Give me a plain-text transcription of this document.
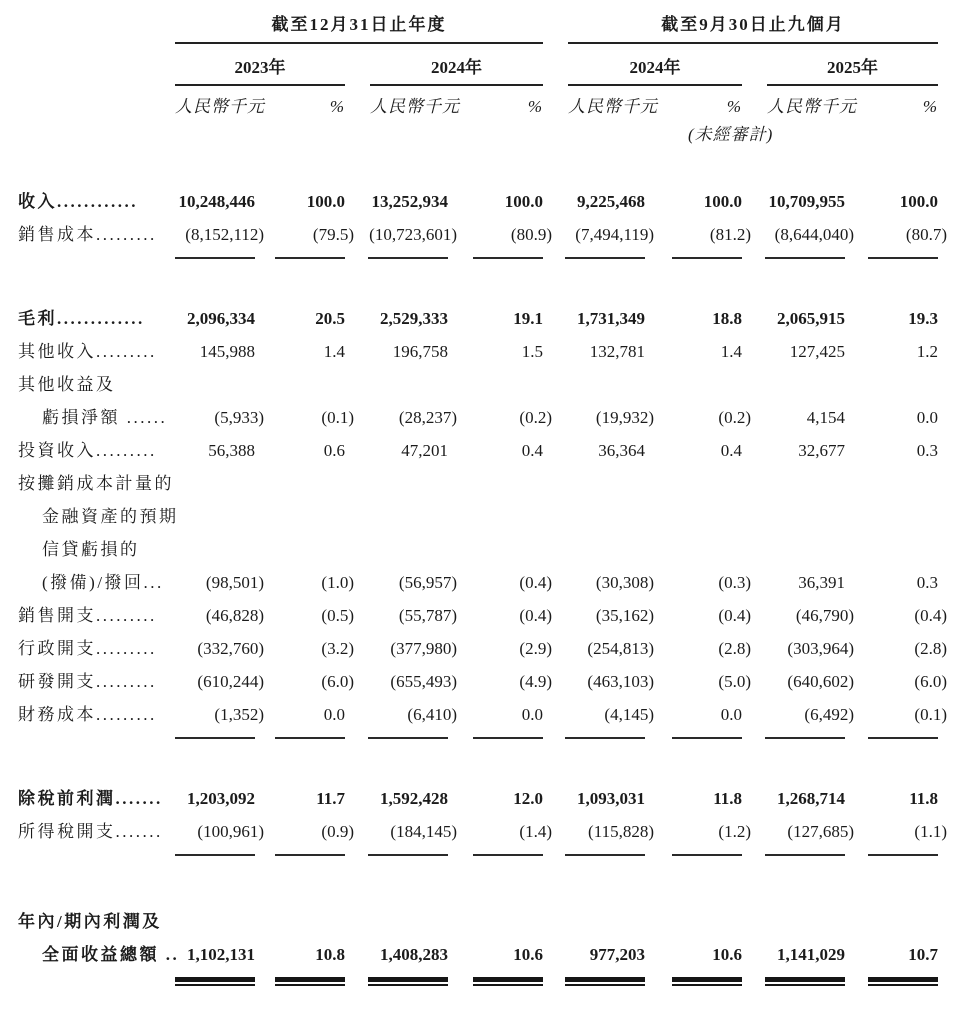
截至12月31日止年度	截至9月30日止九個月
2023年	2024年	2024年	2025年
人民幣千元	% 人民幣千元	% 人民幣千元	% 人民幣千元	%
(未經審計)
收入............	10,248,446	100.0	13,252,934	100.0	9,225,468	100.0	10,709,955	100.0
銷售成本.........	(8,152,112)	(79.5) (10,723,601)	(80.9)	(7,494,119)	(81.2)	(8,644,040)	(80.7)
毛利.............	2,096,334	20.5	2,529,333	19.1	1,731,349	18.8	2,065,915	19.3
其他收入.........	145,988	1.4	196,758	1.5	132,781	1.4	127,425	1.2
其他收益及
虧損淨額 ......	(5,933)	(0.1)	(28,237)	(0.2)	(19,932)	(0.2)	4,154	0.0
投資收入.........	56,388	0.6	47,201	0.4	36,364	0.4	32,677	0.3
按攤銷成本計量的
金融資產的預期
信貸虧損的
(撥備)/撥回...	(98,501)	(1.0)	(56,957)	(0.4)	(30,308)	(0.3)	36,391	0.3
銷售開支.........	(46,828)	(0.5)	(55,787)	(0.4)	(35,162)	(0.4)	(46,790)	(0.4)
行政開支.........	(332,760)	(3.2)	(377,980)	(2.9)	(254,813)	(2.8)	(303,964)	(2.8)
研發開支.........	(610,244)	(6.0)	(655,493)	(4.9)	(463,103)	(5.0)	(640,602)	(6.0)
財務成本.........	(1,352)	0.0	(6,410)	0.0	(4,145)	0.0	(6,492)	(0.1)
除稅前利潤.......	1,203,092	11.7	1,592,428	12.0	1,093,031	11.8	1,268,714	11.8
所得稅開支.......	(100,961)	(0.9)	(184,145)	(1.4)	(115,828)	(1.2)	(127,685)	(1.1)
年內/期內利潤及
全面收益總額 .. 1,102,131	10.8	1,408,283	10.6	977,203	10.6	1,141,029	10.7
